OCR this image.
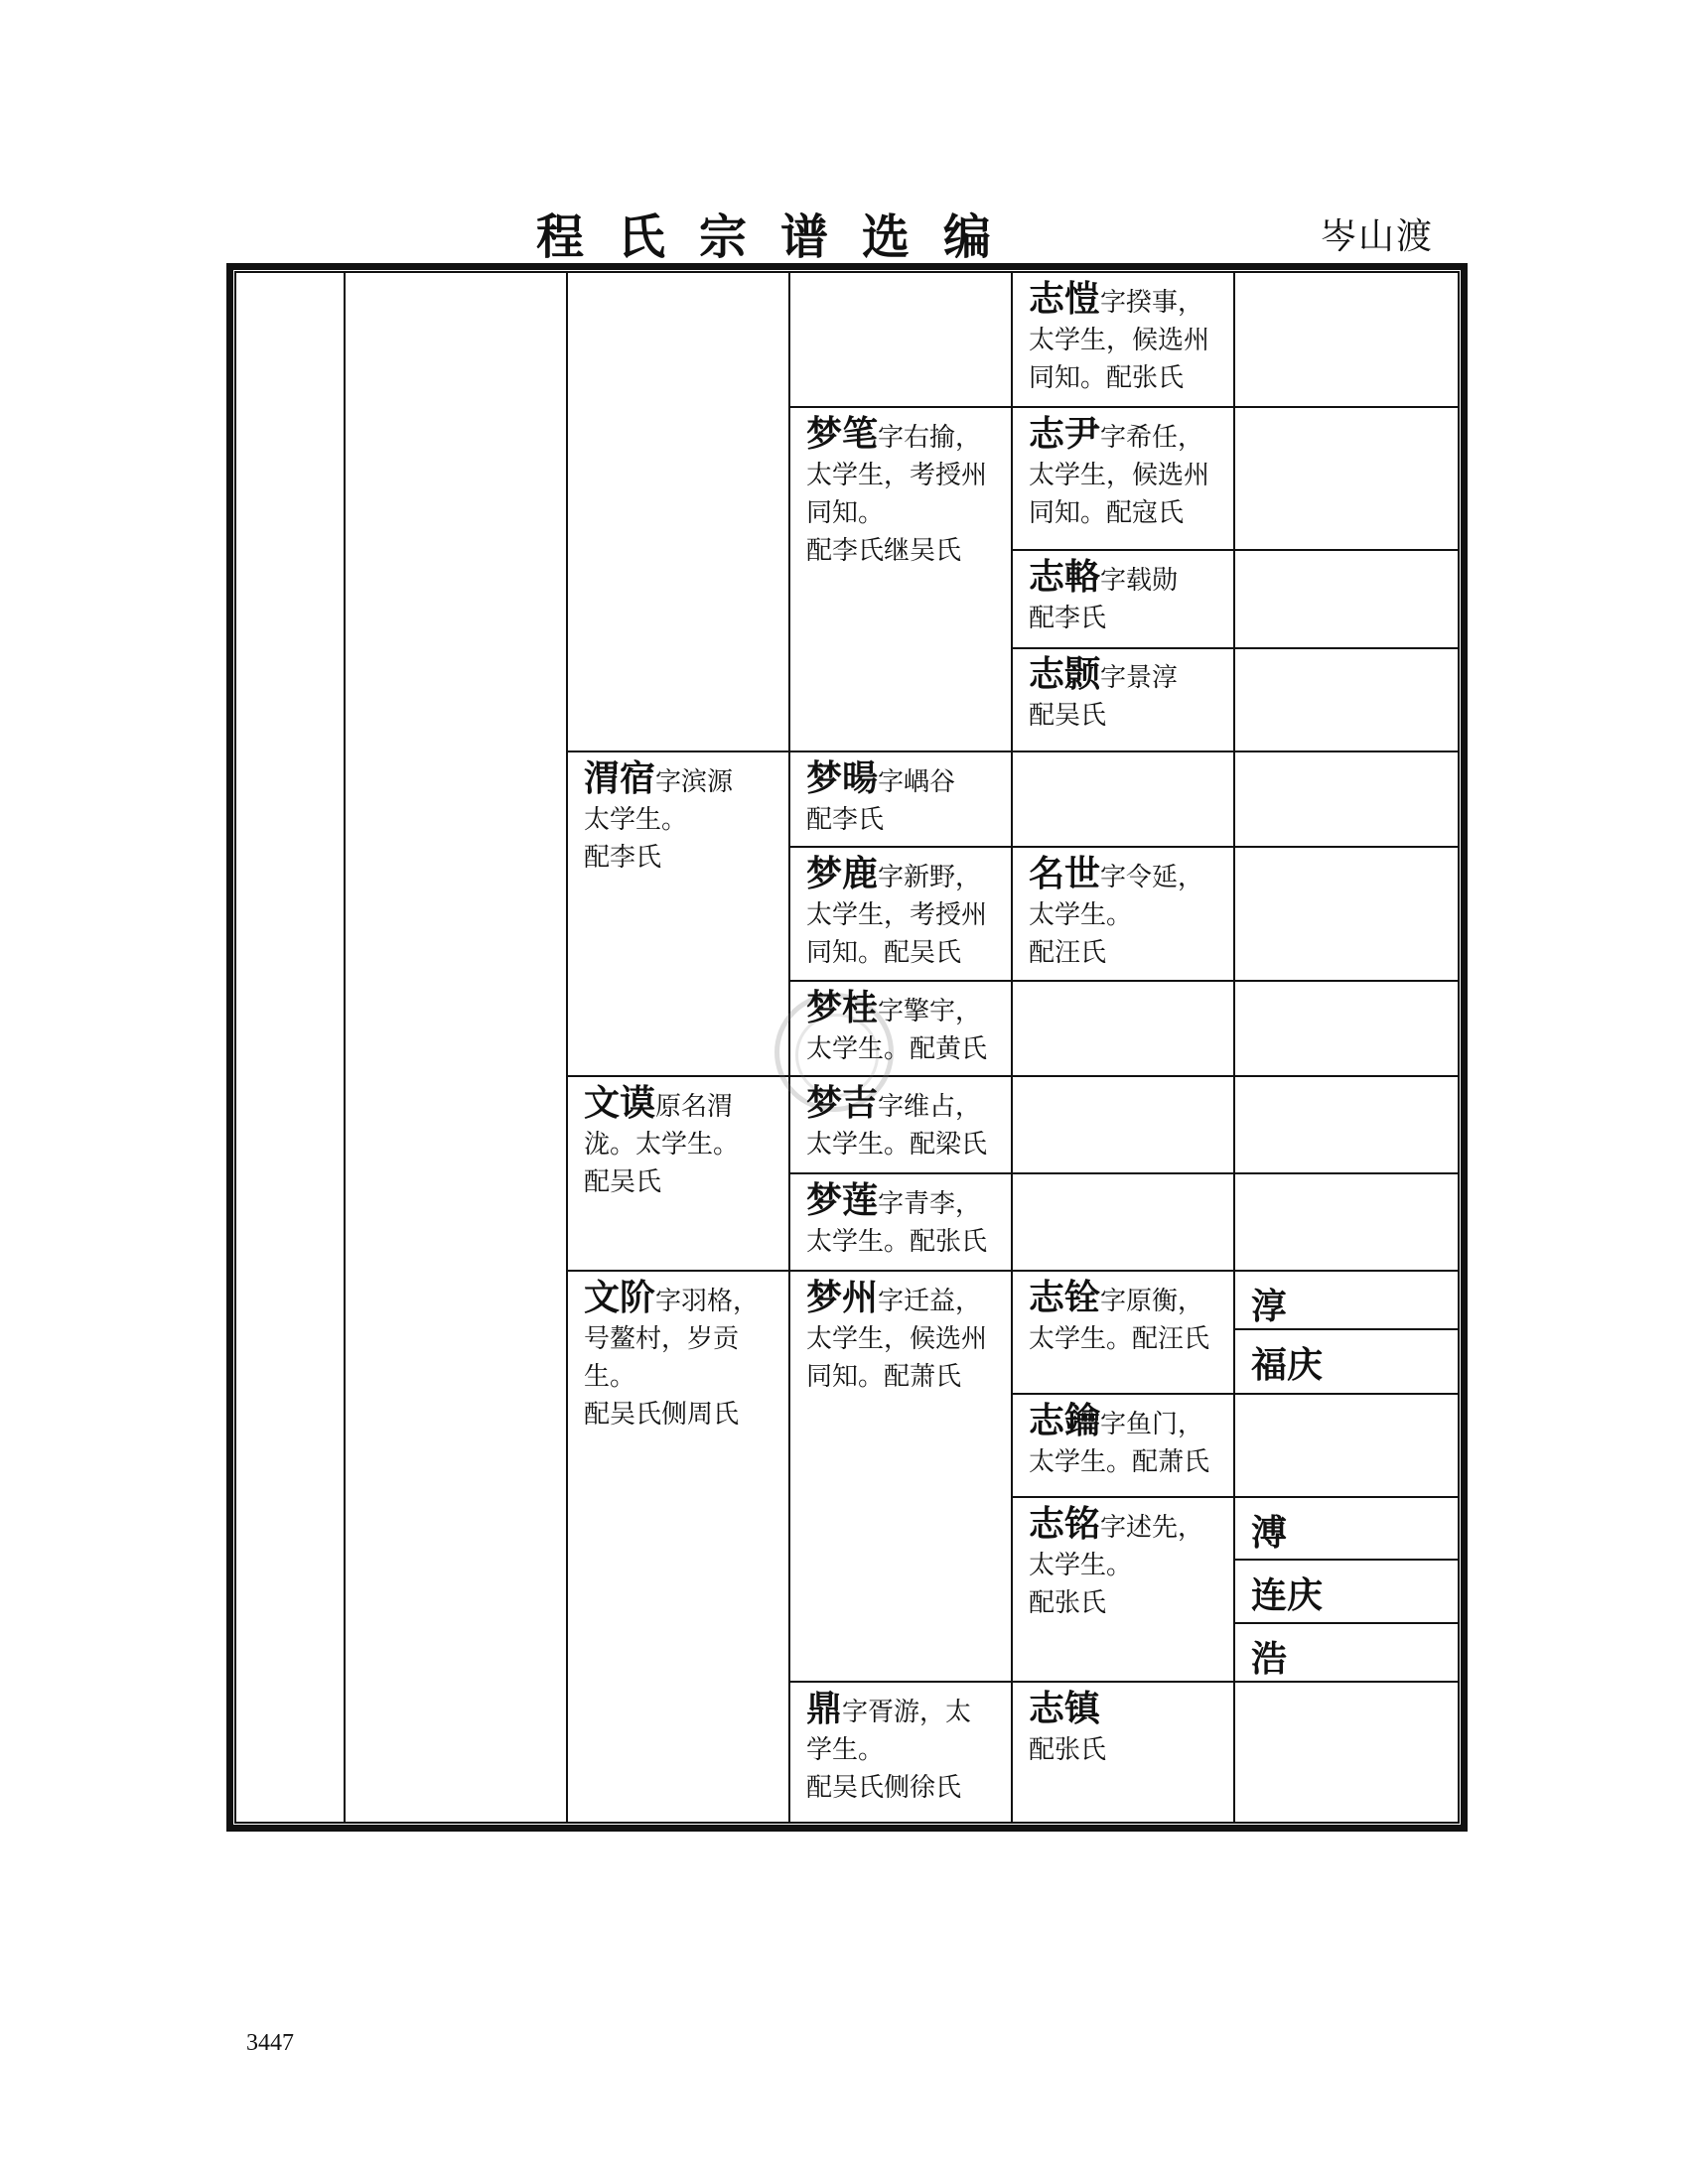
程氏宗谱选编	岑山渡
志愷字揆事，
太学生，候选州
同知。配张氏
梦笔字右揄，
太学生，考授州
同知。
配李氏继吴氏
志尹字希任，
太学生，候选州
同知。配寇氏
志輅字载勋
配李氏
志颢字景淳
配吴氏
渭宿字滨源
太学生。
配李氏
梦暘字嵎谷
配李氏
梦鹿字新野，
太学生，考授州
同知。配吴氏
名世字令延，
太学生。
配汪氏
梦桂字擎宇，
太学生。配黄氏
文谟原名渭
泷。太学生。
配吴氏
梦吉字维占，
太学生。配梁氏
梦莲字青李，
太学生。配张氏
文阶字羽格，
号鳌村，岁贡
生。
配吴氏侧周氏
梦州字迁益，
太学生，候选州
同知。配萧氏
志铨字原衡，
太学生。配汪氏
志鑰字鱼门，
太学生。配萧氏
志铭字述先，
太学生。
配张氏
鼎字胥游，太
学生。
配吴氏侧徐氏
志镇
配张氏
淳
福庆
溥
连庆
浩
3447
